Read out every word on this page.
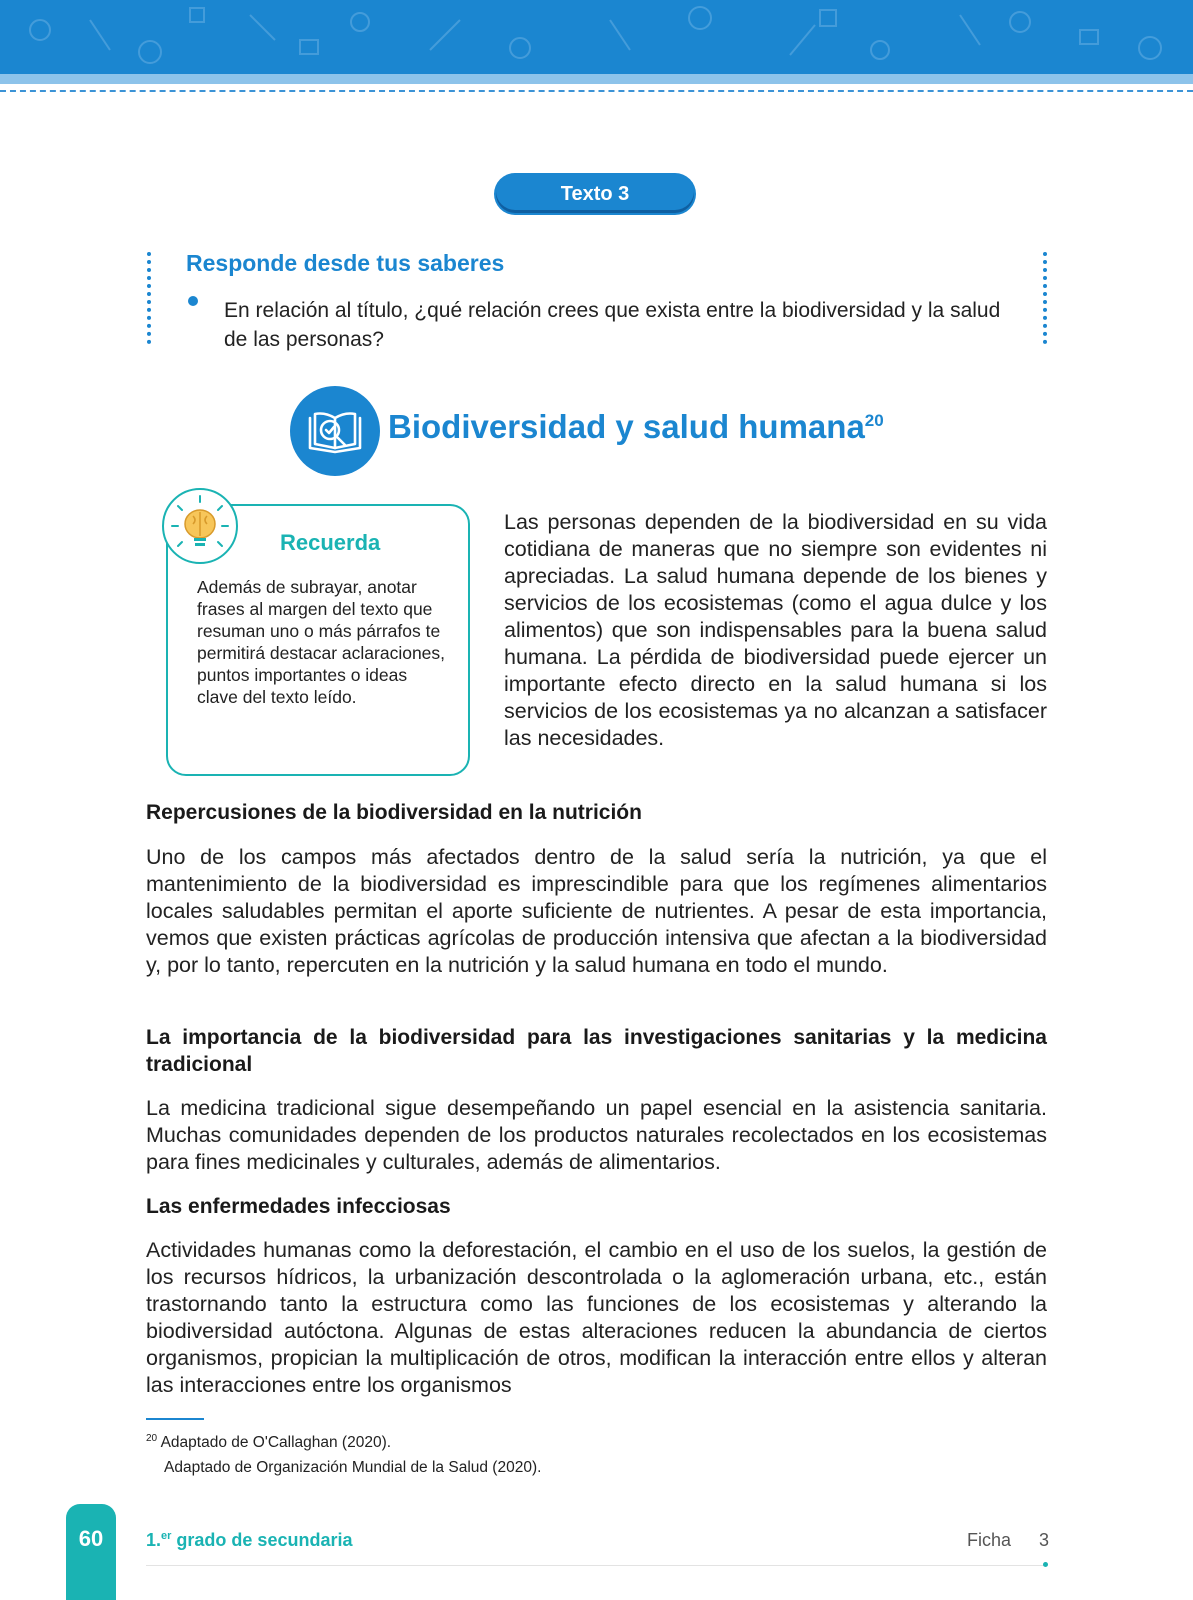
Texto 3
Responde desde tus saberes
En relación al título, ¿qué relación crees que exista entre la biodiversidad y la salud de las personas?
Biodiversidad y salud humana$^{20}$
Recuerda
Además de subrayar, anotar frases al margen del texto que resuman uno o más párrafos te permitirá destacar aclaraciones, puntos importantes o ideas clave del texto leído.
Las personas dependen de la biodiversidad en su vida cotidiana de maneras que no siempre son evidentes ni apreciadas. La salud humana depende de los bienes y servicios de los ecosistemas (como el agua dulce y los alimentos) que son indispensables para la buena salud humana. La pérdida de biodiversidad puede ejercer un importante efecto directo en la salud humana si los servicios de los ecosistemas ya no alcanzan a satisfacer las necesidades.
Repercusiones de la biodiversidad en la nutrición
Uno de los campos más afectados dentro de la salud sería la nutrición, ya que el mantenimiento de la biodiversidad es imprescindible para que los regímenes alimentarios locales saludables permitan el aporte suficiente de nutrientes. A pesar de esta importancia, vemos que existen prácticas agrícolas de producción intensiva que afectan a la biodiversidad y, por lo tanto, repercuten en la nutrición y la salud humana en todo el mundo.
La importancia de la biodiversidad para las investigaciones sanitarias y la medicina tradicional
La medicina tradicional sigue desempeñando un papel esencial en la asistencia sanitaria. Muchas comunidades dependen de los productos naturales recolectados en los ecosistemas para fines medicinales y culturales, además de alimentarios.
Las enfermedades infecciosas
Actividades humanas como la deforestación, el cambio en el uso de los suelos, la gestión de los recursos hídricos, la urbanización descontrolada o la aglomeración urbana, etc., están trastornando tanto la estructura como las funciones de los ecosistemas y alterando la biodiversidad autóctona. Algunas de estas alteraciones reducen la abundancia de ciertos organismos, propician la multiplicación de otros, modifican la interacción entre ellos y alteran las interacciones entre los organismos
$^{20}$ Adaptado de O'Callaghan (2020).
Adaptado de Organización Mundial de la Salud (2020).
60	1.$^{er}$ grado de secundaria	Ficha 3
